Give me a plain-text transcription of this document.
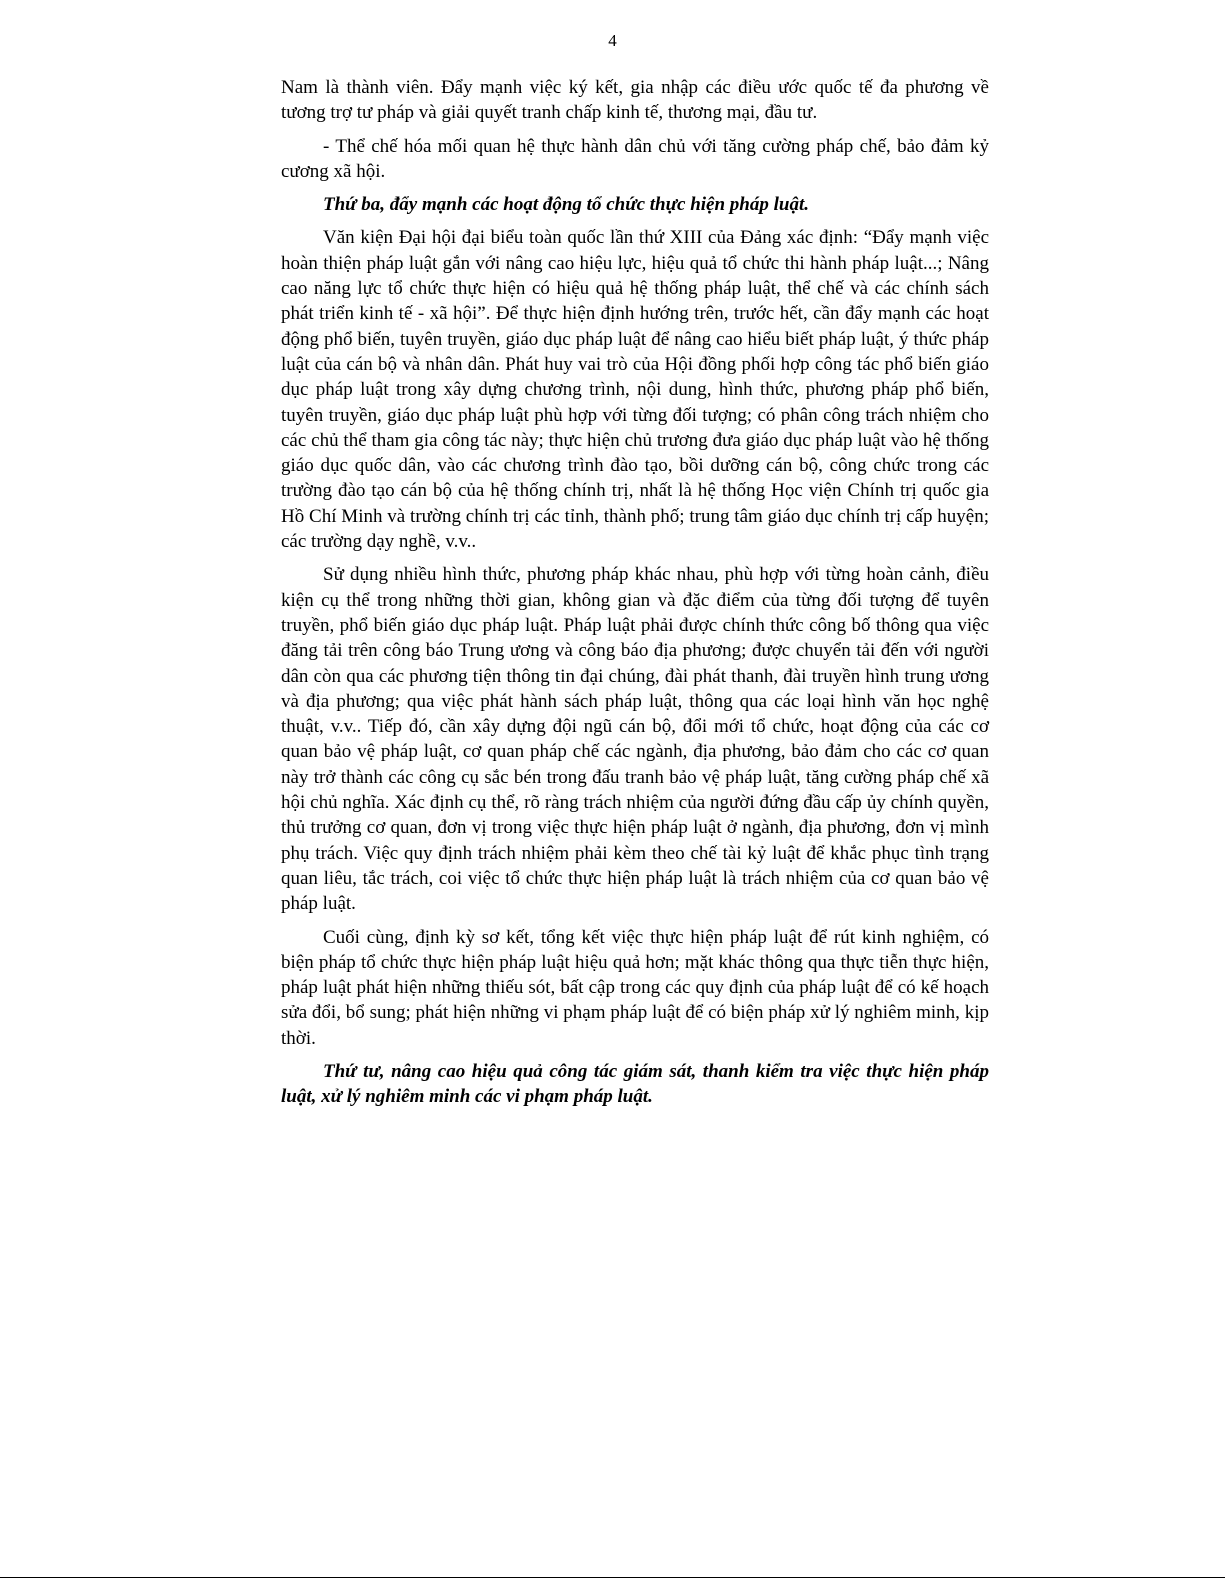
4

Nam là thành viên. Đẩy mạnh việc ký kết, gia nhập các điều ước quốc tế đa phương về tương trợ tư pháp và giải quyết tranh chấp kinh tế, thương mại, đầu tư.

- Thể chế hóa mối quan hệ thực hành dân chủ với tăng cường pháp chế, bảo đảm kỷ cương xã hội.

Thứ ba, đẩy mạnh các hoạt động tổ chức thực hiện pháp luật.

Văn kiện Đại hội đại biểu toàn quốc lần thứ XIII của Đảng xác định: “Đẩy mạnh việc hoàn thiện pháp luật gắn với nâng cao hiệu lực, hiệu quả tổ chức thi hành pháp luật...; Nâng cao năng lực tổ chức thực hiện có hiệu quả hệ thống pháp luật, thể chế và các chính sách phát triển kinh tế - xã hội”. Để thực hiện định hướng trên, trước hết, cần đẩy mạnh các hoạt động phổ biến, tuyên truyền, giáo dục pháp luật để nâng cao hiểu biết pháp luật, ý thức pháp luật của cán bộ và nhân dân. Phát huy vai trò của Hội đồng phối hợp công tác phổ biến giáo dục pháp luật trong xây dựng chương trình, nội dung, hình thức, phương pháp phổ biến, tuyên truyền, giáo dục pháp luật phù hợp với từng đối tượng; có phân công trách nhiệm cho các chủ thể tham gia công tác này; thực hiện chủ trương đưa giáo dục pháp luật vào hệ thống giáo dục quốc dân, vào các chương trình đào tạo, bồi dưỡng cán bộ, công chức trong các trường đào tạo cán bộ của hệ thống chính trị, nhất là hệ thống Học viện Chính trị quốc gia Hồ Chí Minh và trường chính trị các tỉnh, thành phố; trung tâm giáo dục chính trị cấp huyện; các trường dạy nghề, v.v..

Sử dụng nhiều hình thức, phương pháp khác nhau, phù hợp với từng hoàn cảnh, điều kiện cụ thể trong những thời gian, không gian và đặc điểm của từng đối tượng để tuyên truyền, phổ biến giáo dục pháp luật. Pháp luật phải được chính thức công bố thông qua việc đăng tải trên công báo Trung ương và công báo địa phương; được chuyển tải đến với người dân còn qua các phương tiện thông tin đại chúng, đài phát thanh, đài truyền hình trung ương và địa phương; qua việc phát hành sách pháp luật, thông qua các loại hình văn học nghệ thuật, v.v.. Tiếp đó, cần xây dựng đội ngũ cán bộ, đổi mới tổ chức, hoạt động của các cơ quan bảo vệ pháp luật, cơ quan pháp chế các ngành, địa phương, bảo đảm cho các cơ quan này trở thành các công cụ sắc bén trong đấu tranh bảo vệ pháp luật, tăng cường pháp chế xã hội chủ nghĩa. Xác định cụ thể, rõ ràng trách nhiệm của người đứng đầu cấp ủy chính quyền, thủ trưởng cơ quan, đơn vị trong việc thực hiện pháp luật ở ngành, địa phương, đơn vị mình phụ trách. Việc quy định trách nhiệm phải kèm theo chế tài kỷ luật để khắc phục tình trạng quan liêu, tắc trách, coi việc tổ chức thực hiện pháp luật là trách nhiệm của cơ quan bảo vệ pháp luật.

Cuối cùng, định kỳ sơ kết, tổng kết việc thực hiện pháp luật để rút kinh nghiệm, có biện pháp tổ chức thực hiện pháp luật hiệu quả hơn; mặt khác thông qua thực tiễn thực hiện, pháp luật phát hiện những thiếu sót, bất cập trong các quy định của pháp luật để có kế hoạch sửa đổi, bổ sung; phát hiện những vi phạm pháp luật để có biện pháp xử lý nghiêm minh, kịp thời.

Thứ tư, nâng cao hiệu quả công tác giám sát, thanh kiểm tra việc thực hiện pháp luật, xử lý nghiêm minh các vi phạm pháp luật.
